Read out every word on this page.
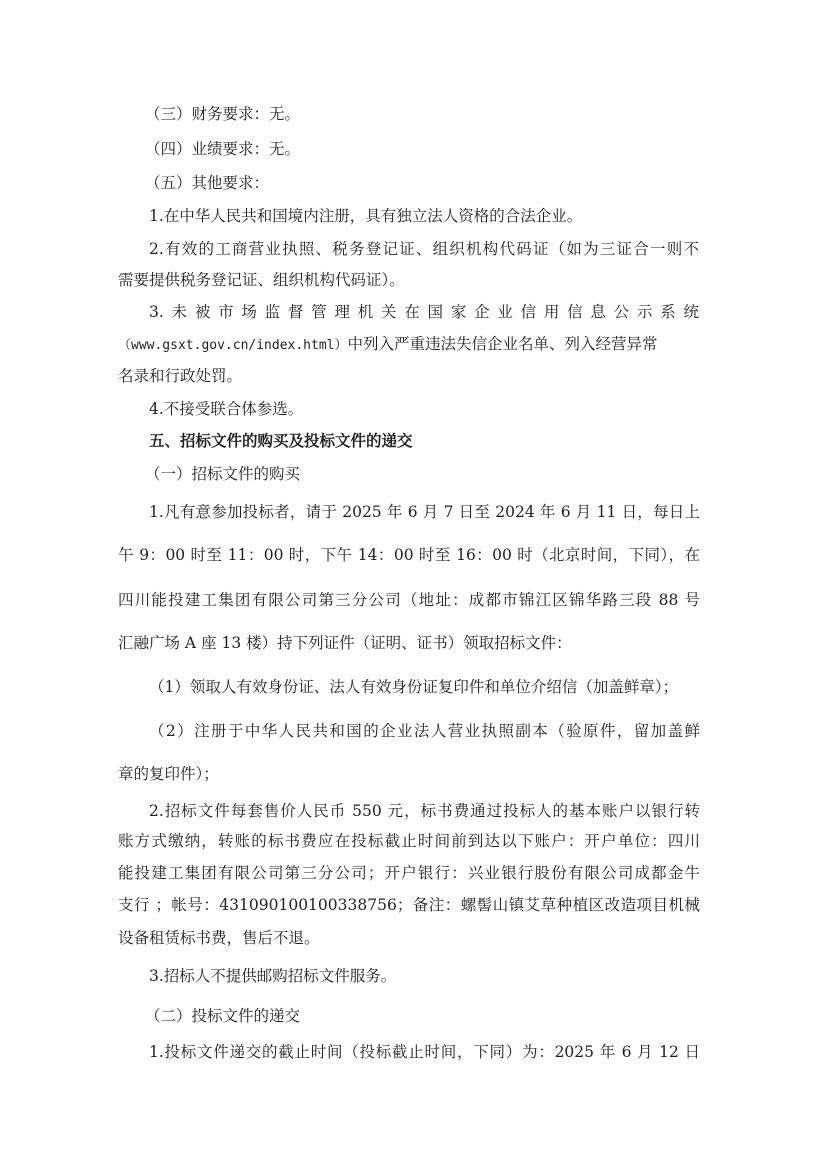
（三）财务要求：无。
（四）业绩要求：无。
（五）其他要求：
1.在中华人民共和国境内注册，具有独立法人资格的合法企业。
2.有效的工商营业执照、税务登记证、组织机构代码证（如为三证合一则不
需要提供税务登记证、组织机构代码证）。
3.未被市场监督管理机关在国家企业信用信息公示系统
（www.gsxt.gov.cn/index.html）中列入严重违法失信企业名单、列入经营异常
名录和行政处罚。
4.不接受联合体参选。
五、招标文件的购买及投标文件的递交
（一）招标文件的购买
1.凡有意参加投标者，请于 2025 年 6 月 7 日至 2024 年 6 月 11 日，每日上
午 9：00 时至 11：00 时，下午 14：00 时至 16：00 时（北京时间，下同），在
四川能投建工集团有限公司第三分公司（地址：成都市锦江区锦华路三段 88 号
汇融广场 A 座 13 楼）持下列证件（证明、证书）领取招标文件：
（1）领取人有效身份证、法人有效身份证复印件和单位介绍信（加盖鲜章）；
（2）注册于中华人民共和国的企业法人营业执照副本（验原件，留加盖鲜
章的复印件）；
2.招标文件每套售价人民币 550 元，标书费通过投标人的基本账户以银行转
账方式缴纳，转账的标书费应在投标截止时间前到达以下账户：开户单位：四川
能投建工集团有限公司第三分公司；开户银行：兴业银行股份有限公司成都金牛
支行 ；帐号：431090100100338756；备注：螺髻山镇艾草种植区改造项目机械
设备租赁标书费，售后不退。
3.招标人不提供邮购招标文件服务。
（二）投标文件的递交
1.投标文件递交的截止时间（投标截止时间，下同）为：2025 年 6 月 12 日
